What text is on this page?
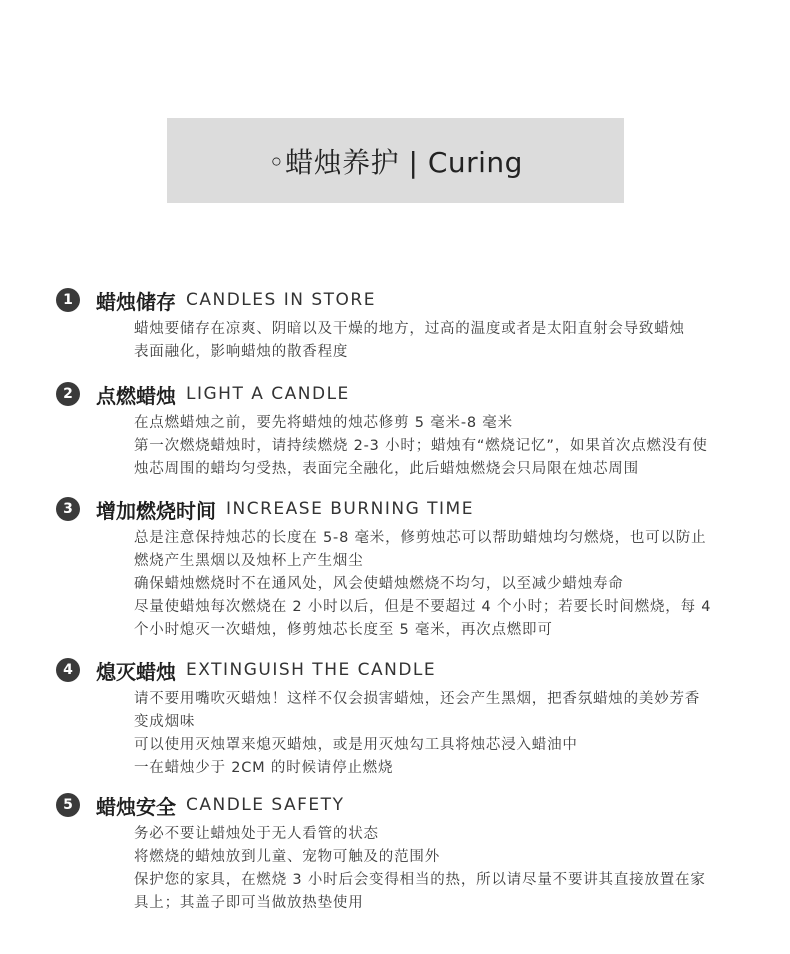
◦蜡烛养护 | Curing
1	蜡烛储存 CANDLES IN STORE
蜡烛要储存在凉爽、阴暗以及干燥的地方，过高的温度或者是太阳直射会导致蜡烛
表面融化，影响蜡烛的散香程度
2	点燃蜡烛 LIGHT A CANDLE
在点燃蜡烛之前，要先将蜡烛的烛芯修剪 5 毫米-8 毫米
第一次燃烧蜡烛时，请持续燃烧 2-3 小时；蜡烛有“燃烧记忆”，如果首次点燃没有使
烛芯周围的蜡均匀受热，表面完全融化，此后蜡烛燃烧会只局限在烛芯周围
3	增加燃烧时间 INCREASE BURNING TIME
总是注意保持烛芯的长度在 5-8 毫米，修剪烛芯可以帮助蜡烛均匀燃烧，也可以防止
燃烧产生黑烟以及烛杯上产生烟尘
确保蜡烛燃烧时不在通风处，风会使蜡烛燃烧不均匀，以至减少蜡烛寿命
尽量使蜡烛每次燃烧在 2 小时以后，但是不要超过 4 个小时；若要长时间燃烧，每 4
个小时熄灭一次蜡烛，修剪烛芯长度至 5 毫米，再次点燃即可
4	熄灭蜡烛 EXTINGUISH THE CANDLE
请不要用嘴吹灭蜡烛！这样不仅会损害蜡烛，还会产生黑烟，把香氛蜡烛的美妙芳香
变成烟味
可以使用灭烛罩来熄灭蜡烛，或是用灭烛勾工具将烛芯浸入蜡油中
一在蜡烛少于 2CM 的时候请停止燃烧
5	蜡烛安全 CANDLE SAFETY
务必不要让蜡烛处于无人看管的状态
将燃烧的蜡烛放到儿童、宠物可触及的范围外
保护您的家具，在燃烧 3 小时后会变得相当的热，所以请尽量不要讲其直接放置在家
具上；其盖子即可当做放热垫使用
